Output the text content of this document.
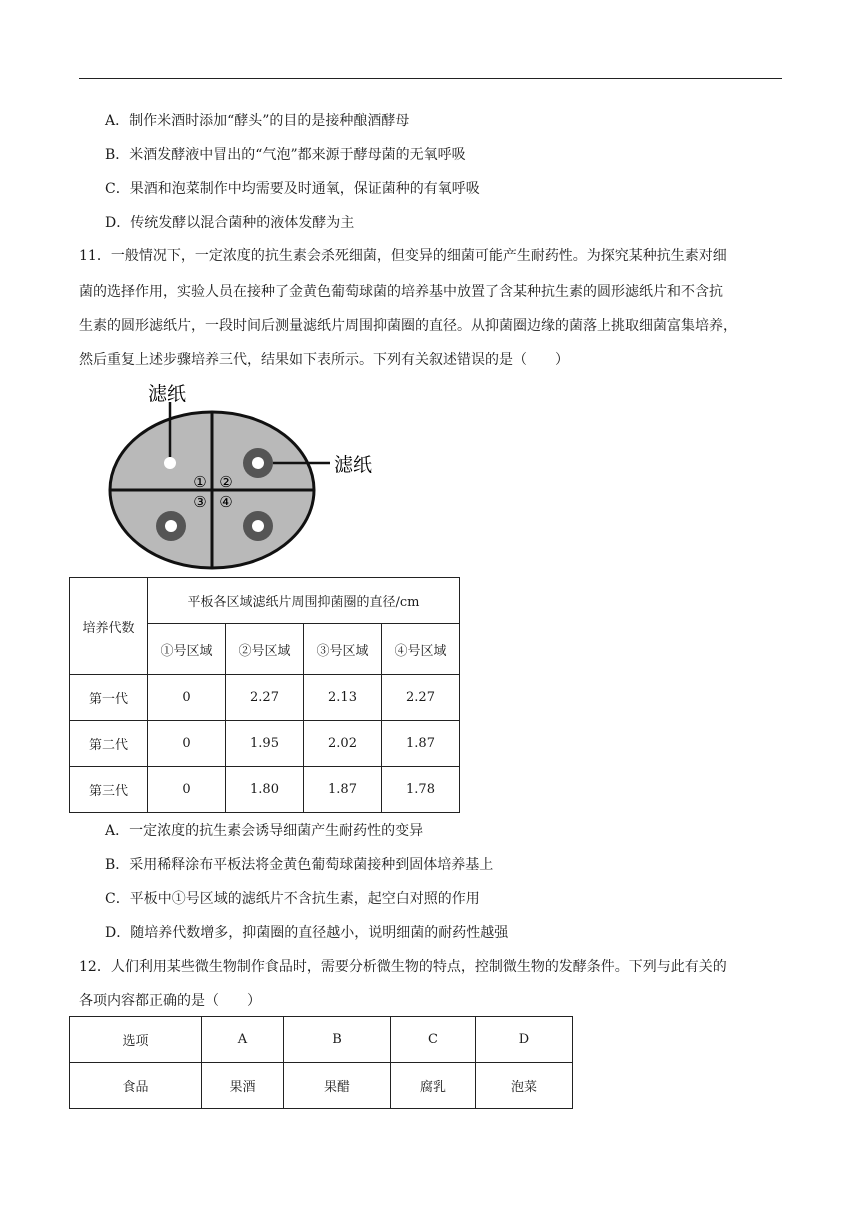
A．制作米酒时添加“酵头”的目的是接种酿酒酵母
B．米酒发酵液中冒出的“气泡”都来源于酵母菌的无氧呼吸
C．果酒和泡菜制作中均需要及时通氧，保证菌种的有氧呼吸
D．传统发酵以混合菌种的液体发酵为主
11．一般情况下，一定浓度的抗生素会杀死细菌，但变异的细菌可能产生耐药性。为探究某种抗生素对细
菌的选择作用，实验人员在接种了金黄色葡萄球菌的培养基中放置了含某种抗生素的圆形滤纸片和不含抗
生素的圆形滤纸片，一段时间后测量滤纸片周围抑菌圈的直径。从抑菌圈边缘的菌落上挑取细菌富集培养，
然后重复上述步骤培养三代，结果如下表所示。下列有关叙述错误的是（　　）
① ②
③ ④
滤纸
滤纸
培养代数	平板各区域滤纸片周围抑菌圈的直径/cm			
	①号区域	②号区域	③号区域	④号区域
第一代	0	2.27	2.13	2.27
第二代	0	1.95	2.02	1.87
第三代	0	1.80	1.87	1.78
A．一定浓度的抗生素会诱导细菌产生耐药性的变异
B．采用稀释涂布平板法将金黄色葡萄球菌接种到固体培养基上
C．平板中①号区域的滤纸片不含抗生素，起空白对照的作用
D．随培养代数增多，抑菌圈的直径越小，说明细菌的耐药性越强
12．人们利用某些微生物制作食品时，需要分析微生物的特点，控制微生物的发酵条件。下列与此有关的
各项内容都正确的是（　　）
选项	A	B	C	D
食品	果酒	果醋	腐乳	泡菜
